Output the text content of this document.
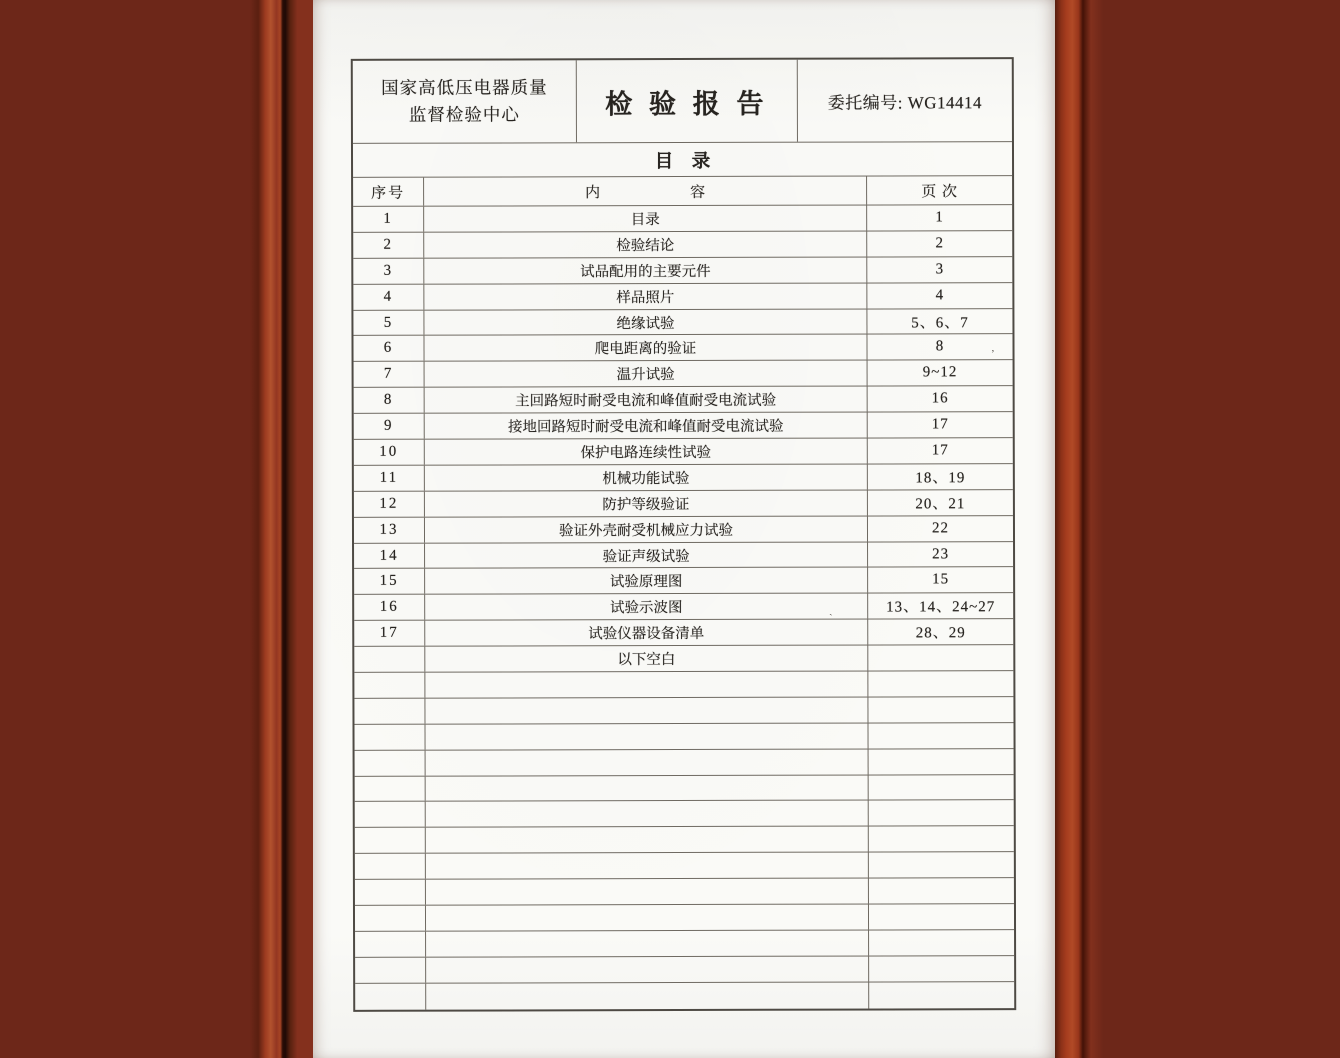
国家高低压电器质量
监督检验中心	检 验 报 告	委托编号: WG14414
目　录
序号	内　　　　　　容	页 次
1	目录	1
2	检验结论	2
3	试品配用的主要元件	3
4	样品照片	4
5	绝缘试验	5、6、7
6	爬电距离的验证	8
7	温升试验	9~12
8	主回路短时耐受电流和峰值耐受电流试验	16
9	接地回路短时耐受电流和峰值耐受电流试验	17
10	保护电路连续性试验	17
11	机械功能试验	18、19
12	防护等级验证	20、21
13	验证外壳耐受机械应力试验	22
14	验证声级试验	23
15	试验原理图	15
16	试验示波图	13、14、24~27
17	试验仪器设备清单	28、29
以下空白
’
ˎ
